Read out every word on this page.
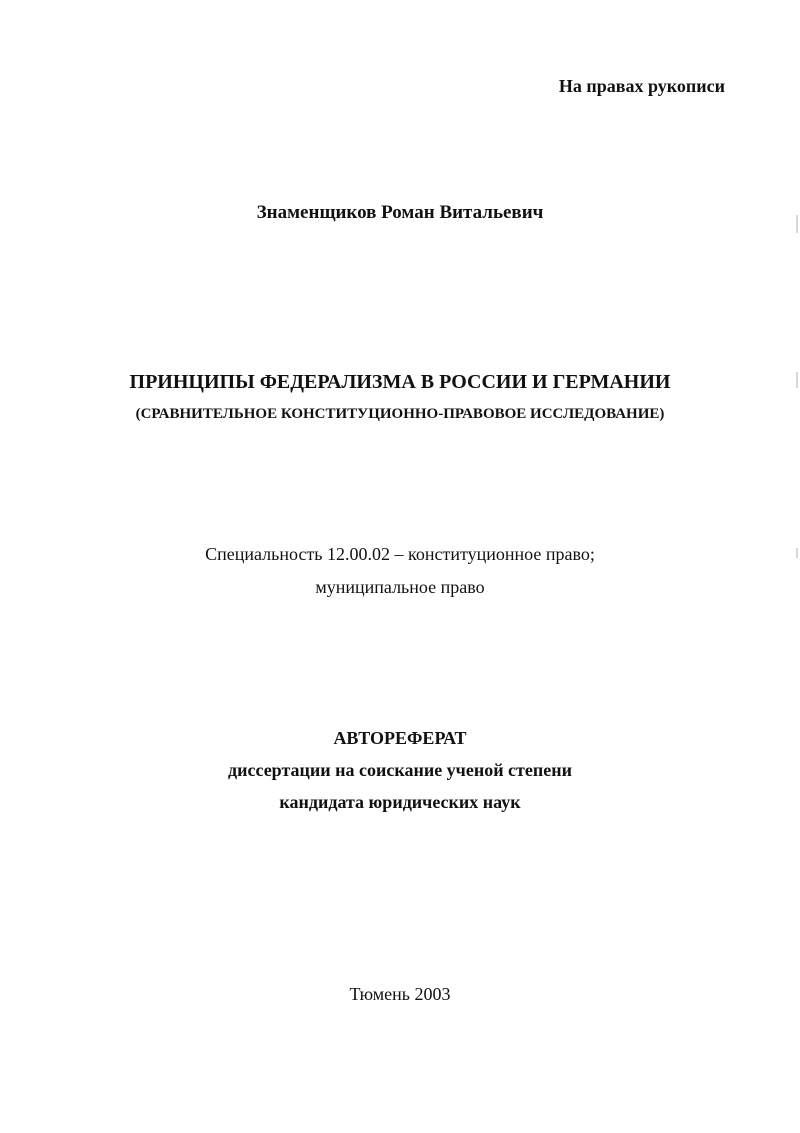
На правах рукописи
Знаменщиков Роман Витальевич
ПРИНЦИПЫ ФЕДЕРАЛИЗМА В РОССИИ И ГЕРМАНИИ
(СРАВНИТЕЛЬНОЕ КОНСТИТУЦИОННО-ПРАВОВОЕ ИССЛЕДОВАНИЕ)
Специальность 12.00.02 – конституционное право;
муниципальное право
АВТОРЕФЕРАТ
диссертации на соискание ученой степени
кандидата юридических наук
Тюмень 2003
